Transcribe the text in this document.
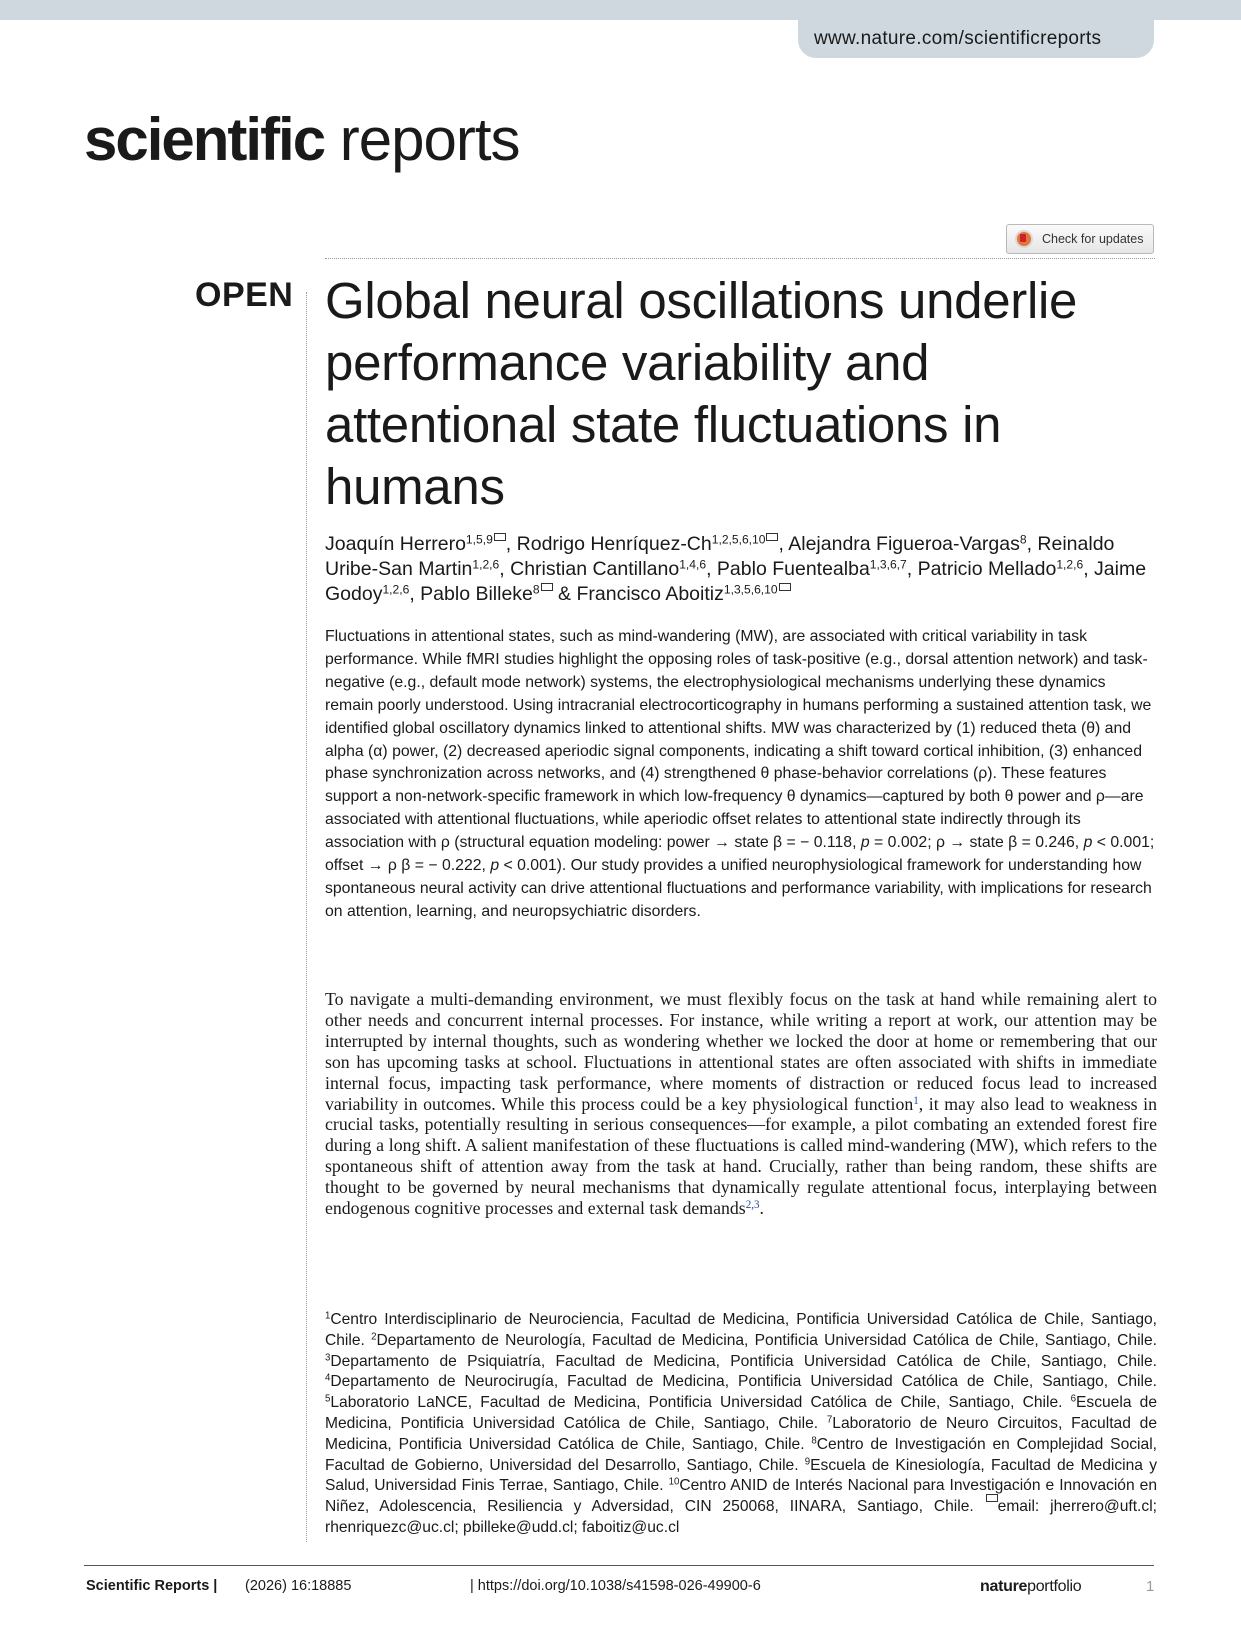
www.nature.com/scientificreports
scientific reports
Check for updates
OPEN Global neural oscillations underlie performance variability and attentional state fluctuations in humans

Joaquín Herrero$^{1,5,9}$ , Rodrigo Henríquez-Ch$^{1,2,5,6,10}$ , Alejandra Figueroa-Vargas$^8$, Reinaldo Uribe-San Martin$^{1,2,6}$, Christian Cantillano$^{1,4,6}$, Pablo Fuentealba$^{1,3,6,7}$, Patricio Mellado$^{1,2,6}$, Jaime Godoy$^{1,2,6}$, Pablo Billeke$^8$ & Francisco Aboitiz$^{1,3,5,6,10}$

Fluctuations in attentional states, such as mind-wandering (MW), are associated with critical variability in task performance. While fMRI studies highlight the opposing roles of task-positive (e.g., dorsal attention network) and task-negative (e.g., default mode network) systems, the electrophysiological mechanisms underlying these dynamics remain poorly understood. Using intracranial electrocorticography in humans performing a sustained attention task, we identified global oscillatory dynamics linked to attentional shifts. MW was characterized by (1) reduced theta (θ) and alpha (α) power, (2) decreased aperiodic signal components, indicating a shift toward cortical inhibition, (3) enhanced phase synchronization across networks, and (4) strengthened θ phase-behavior correlations (ρ). These features support a non-network-specific framework in which low-frequency θ dynamics—captured by both θ power and ρ—are associated with attentional fluctuations, while aperiodic offset relates to attentional state indirectly through its association with ρ (structural equation modeling: power → state β = − 0.118, p = 0.002; ρ → state β = 0.246, p < 0.001; offset → ρ β = − 0.222, p < 0.001). Our study provides a unified neurophysiological framework for understanding how spontaneous neural activity can drive attentional fluctuations and performance variability, with implications for research on attention, learning, and neuropsychiatric disorders.

To navigate a multi-demanding environment, we must flexibly focus on the task at hand while remaining alert to other needs and concurrent internal processes. For instance, while writing a report at work, our attention may be interrupted by internal thoughts, such as wondering whether we locked the door at home or remembering that our son has upcoming tasks at school. Fluctuations in attentional states are often associated with shifts in immediate internal focus, impacting task performance, where moments of distraction or reduced focus lead to increased variability in outcomes. While this process could be a key physiological function$^1$, it may also lead to weakness in crucial tasks, potentially resulting in serious consequences—for example, a pilot combating an extended forest fire during a long shift. A salient manifestation of these fluctuations is called mind-wandering (MW), which refers to the spontaneous shift of attention away from the task at hand. Crucially, rather than being random, these shifts are thought to be governed by neural mechanisms that dynamically regulate attentional focus, interplaying between endogenous cognitive processes and external task demands$^{2,3}$.

$^1$Centro Interdisciplinario de Neurociencia, Facultad de Medicina, Pontificia Universidad Católica de Chile, Santiago, Chile. $^2$Departamento de Neurología, Facultad de Medicina, Pontificia Universidad Católica de Chile, Santiago, Chile. $^3$Departamento de Psiquiatría, Facultad de Medicina, Pontificia Universidad Católica de Chile, Santiago, Chile. $^4$Departamento de Neurocirugía, Facultad de Medicina, Pontificia Universidad Católica de Chile, Santiago, Chile. $^5$Laboratorio LaNCE, Facultad de Medicina, Pontificia Universidad Católica de Chile, Santiago, Chile. $^6$Escuela de Medicina, Pontificia Universidad Católica de Chile, Santiago, Chile. $^7$Laboratorio de Neuro Circuitos, Facultad de Medicina, Pontificia Universidad Católica de Chile, Santiago, Chile. $^8$Centro de Investigación en Complejidad Social, Facultad de Gobierno, Universidad del Desarrollo, Santiago, Chile. $^9$Escuela de Kinesiología, Facultad de Medicina y Salud, Universidad Finis Terrae, Santiago, Chile. $^{10}$Centro ANID de Interés Nacional para Investigación e Innovación en Niñez, Adolescencia, Resiliencia y Adversidad, CIN 250068, IINARA, Santiago, Chile. email: jherrero@uft.cl; rhenriquezc@uc.cl; pbilleke@udd.cl; faboitiz@uc.cl

Scientific Reports | (2026) 16:18885	| https://doi.org/10.1038/s41598-026-49900-6	natureportfolio	1
